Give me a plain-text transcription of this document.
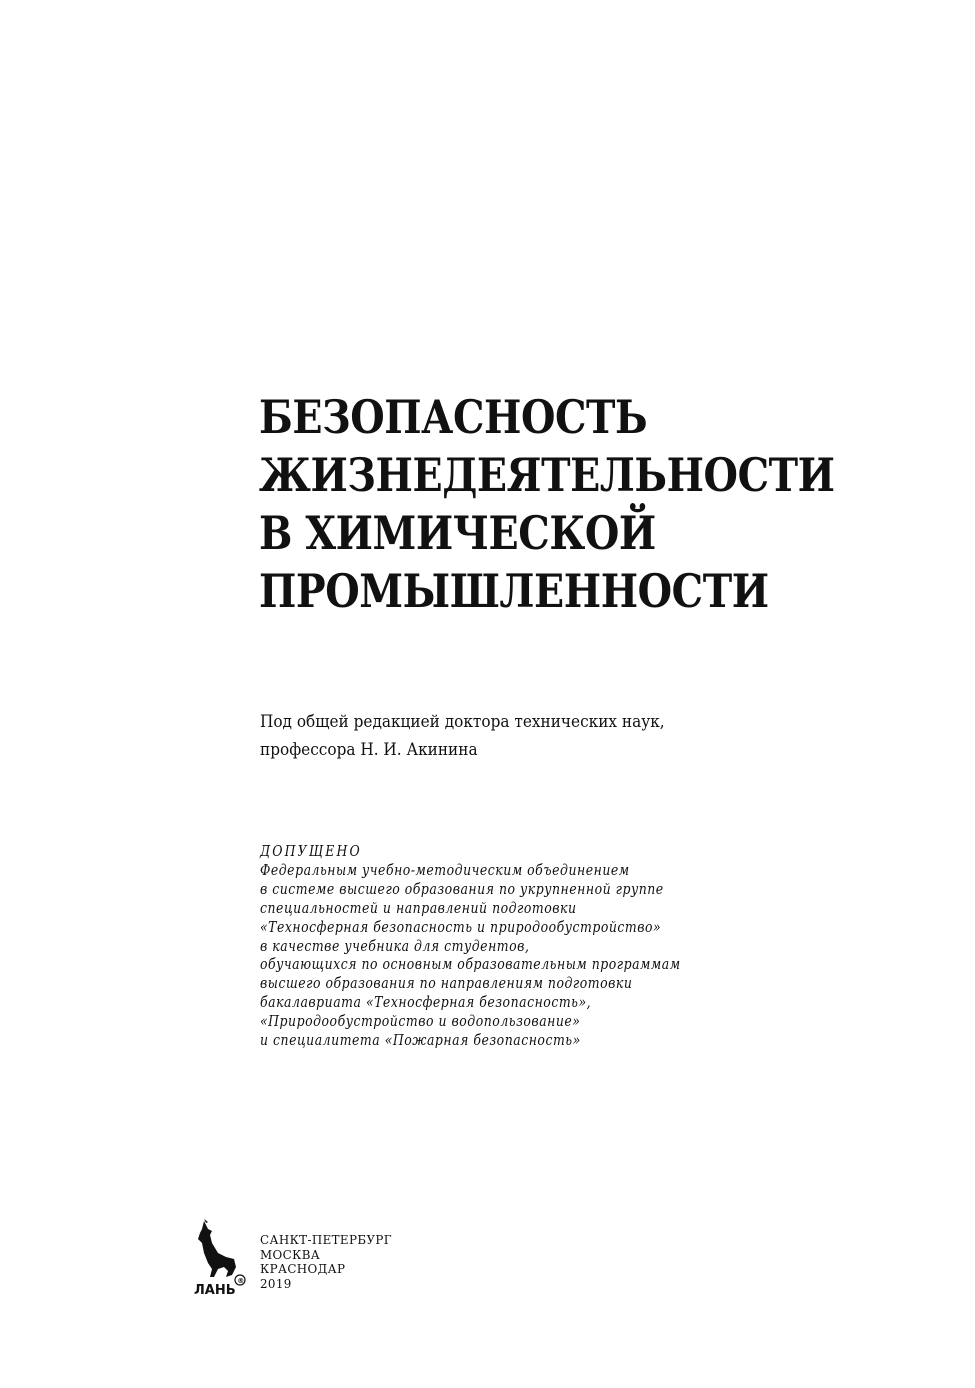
БЕЗОПАСНОСТЬ
ЖИЗНЕДЕЯТЕЛЬНОСТИ
В ХИМИЧЕСКОЙ
ПРОМЫШЛЕННОСТИ
Под общей редакцией доктора технических наук,
профессора Н. И. Акинина
ДОПУЩЕНО
Федеральным учебно-методическим объединением
в системе высшего образования по укрупненной группе
специальностей и направлений подготовки
«Техносферная безопасность и природообустройство»
в качестве учебника для студентов,
обучающихся по основным образовательным программам
высшего образования по направлениям подготовки
бакалавриата «Техносферная безопасность»,
«Природообустройство и водопользование»
и специалитета «Пожарная безопасность»
ЛАНЬ
®
САНКТ-ПЕТЕРБУРГ
МОСКВА
КРАСНОДАР
2019
